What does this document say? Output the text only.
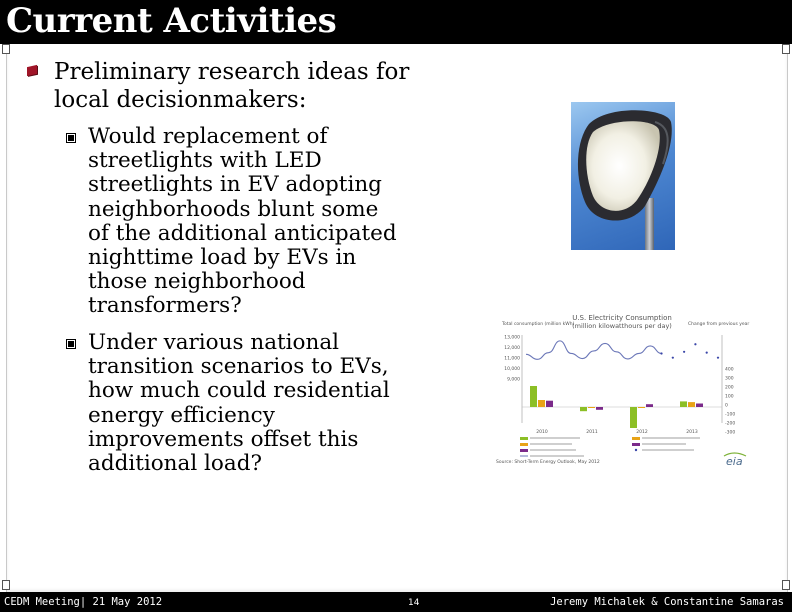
Current Activities
Preliminary research ideas for local decisionmakers:
Would replacement of streetlights with LED streetlights in EV adopting neighborhoods blunt some of the additional anticipated nighttime load by EVs in those neighborhood transformers?
Under various national transition scenarios to EVs, how much could residential energy efficiency improvements offset this additional load?
U.S. Electricity Consumption
(million kilowatthours per day)
Total consumption (million kWh)	Change from previous year
13,000
12,000
11,000
10,000
9,000
400
300
200
100
0
-100
-200
-300
2010	2011	2012	2013
Source: Short-Term Energy Outlook, May 2012	eia
CEDM Meeting| 21 May 2012	14	Jeremy Michalek & Constantine Samaras
